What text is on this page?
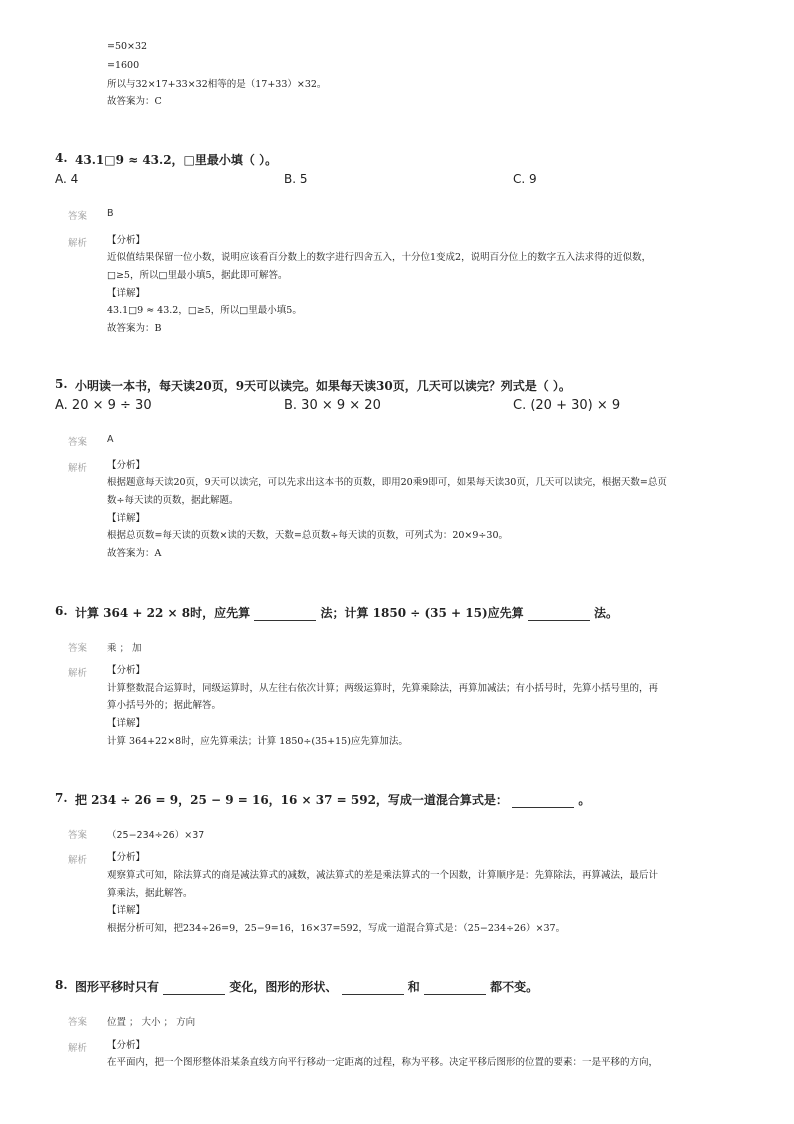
=50×32
=1600
所以与32×17+33×32相等的是（17+33）×32。
故答案为：C
4. 43.1□9 ≈ 43.2，□里最小填（ ）。
A. 4	B. 5	C. 9
答案 B
解析 【分析】
近似值结果保留一位小数，说明应该看百分数上的数字进行四舍五入，十分位1变成2，说明百分位上的数字五入法求得的近似数，
□≥5，所以□里最小填5，据此即可解答。
【详解】
43.1□9 ≈ 43.2，□≥5，所以□里最小填5。
故答案为：B
5. 小明读一本书，每天读20页，9天可以读完。如果每天读30页，几天可以读完？列式是（ ）。
A. 20 × 9 ÷ 30	B. 30 × 9 × 20	C. (20 + 30) × 9
答案 A
解析 【分析】
根据题意每天读20页，9天可以读完，可以先求出这本书的页数，即用20乘9即可，如果每天读30页，几天可以读完，根据天数=总页
数÷每天读的页数，据此解题。
【详解】
根据总页数=每天读的页数×读的天数，天数=总页数÷每天读的页数，可列式为：20×9÷30。
故答案为：A
6. 计算 364 + 22 × 8时，应先算	法；计算 1850 ÷ (35 + 15)应先算	法。
答案 乘 ； 加
解析 【分析】
计算整数混合运算时，同级运算时，从左往右依次计算；两级运算时，先算乘除法，再算加减法；有小括号时，先算小括号里的，再
算小括号外的；据此解答。
【详解】
计算 364+22×8时，应先算乘法；计算 1850÷(35+15)应先算加法。
7. 把 234 ÷ 26 = 9，25 − 9 = 16，16 × 37 = 592，写成一道混合算式是：	。
答案 （25−234÷26）×37
解析 【分析】
观察算式可知，除法算式的商是减法算式的减数，减法算式的差是乘法算式的一个因数，计算顺序是：先算除法，再算减法，最后计
算乘法，据此解答。
【详解】
根据分析可知，把234÷26=9，25−9=16，16×37=592，写成一道混合算式是：（25−234÷26）×37。
8. 图形平移时只有	变化，图形的形状、	和	都不变。
答案 位置 ； 大小 ； 方向
解析 【分析】
在平面内，把一个图形整体沿某条直线方向平行移动一定距离的过程，称为平移。决定平移后图形的位置的要素：一是平移的方向，
